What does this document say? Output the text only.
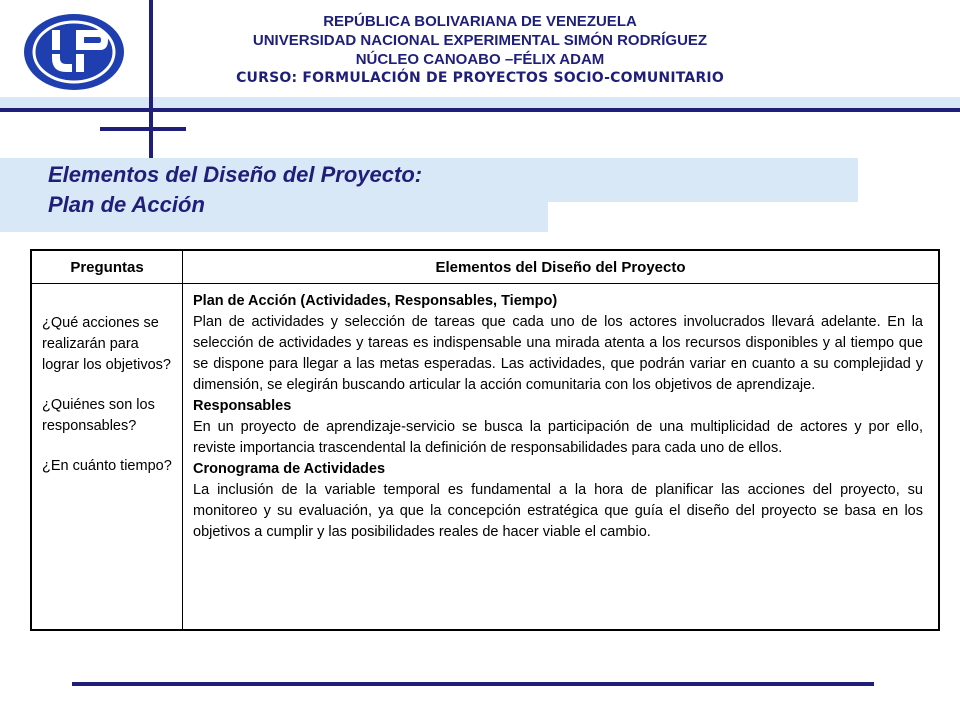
REPÚBLICA BOLIVARIANA DE VENEZUELA
UNIVERSIDAD NACIONAL EXPERIMENTAL SIMÓN RODRÍGUEZ
NÚCLEO CANOABO –FÉLIX ADAM
CURSO: FORMULACIÓN DE PROYECTOS SOCIO-COMUNITARIO
Elementos del Diseño del Proyecto:
Plan de Acción
Preguntas	Elementos del Diseño del Proyecto

¿Qué acciones se realizarán para lograr los objetivos?

¿Quiénes son los responsables?

¿En cuánto tiempo?

Plan de Acción (Actividades, Responsables, Tiempo)

Plan de actividades y selección de tareas que cada uno de los actores involucrados llevará adelante. En la selección de actividades y tareas es indispensable una mirada atenta a los recursos disponibles y al tiempo que se dispone para llegar a las metas esperadas. Las actividades, que podrán variar en cuanto a su complejidad y dimensión, se elegirán buscando articular la acción comunitaria con los objetivos de aprendizaje.

Responsables

En un proyecto de aprendizaje-servicio se busca la participación de una multiplicidad de actores y por ello, reviste importancia trascendental la definición de responsabilidades para cada uno de ellos.

Cronograma de Actividades

La inclusión de la variable temporal es fundamental a la hora de planificar las acciones del proyecto, su monitoreo y su evaluación, ya que la concepción estratégica que guía el diseño del proyecto se basa en los objetivos a cumplir y las posibilidades reales de hacer viable el cambio.
